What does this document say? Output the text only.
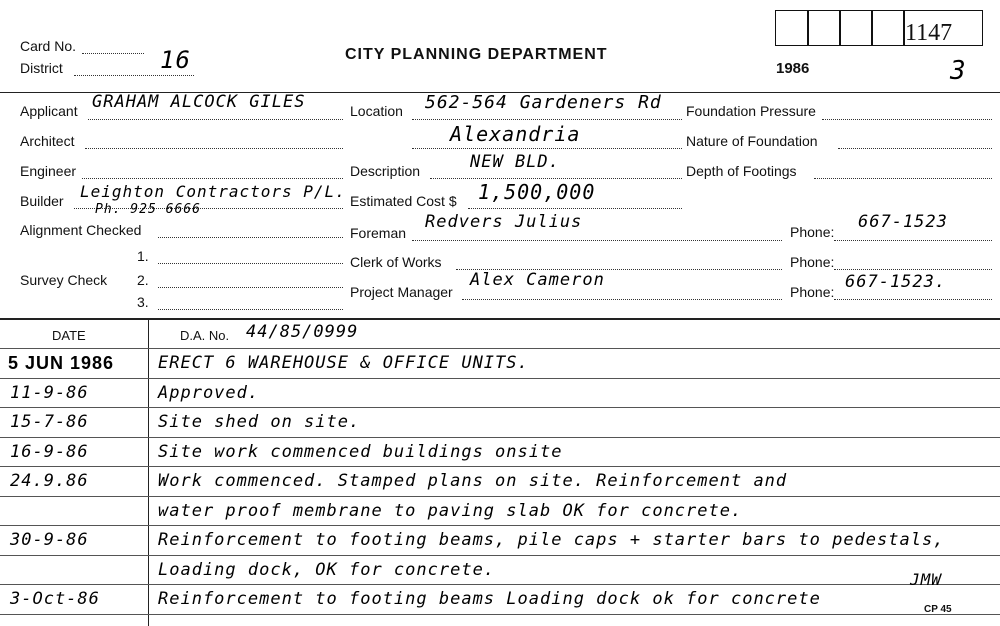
Card No.
District	16	CITY PLANNING DEPARTMENT
1986
1147
3
Applicant GRAHAM ALCOCK GILES
Architect
Engineer
Builder Leighton Contractors P/L.
Ph. 925 6666
Alignment Checked
Survey Check
1.
2.
3.
Location 562-564 Gardeners Rd
Alexandria
Description	NEW BLD.
Estimated Cost $ 1,500,000
Foreman
Redvers Julius
Clerk of Works
Project Manager
Alex Cameron
Foundation Pressure
Nature of Foundation
Depth of Footings
Phone: 667-1523
Phone:
Phone: 667-1523.
DATE	D.A. No. 44/85/0999
5 JUN 1986	ERECT 6 WAREHOUSE & OFFICE UNITS.
11-9-86	Approved.
15-7-86	Site shed on site.
16-9-86	Site work commenced buildings onsite
24.9.86	Work commenced. Stamped plans on site. Reinforcement and
water proof membrane to paving slab OK for concrete.
30-9-86	Reinforcement to footing beams, pile caps + starter bars to pedestals,
Loading dock, OK for concrete.
3-Oct-86	Reinforcement to footing beams Loading dock ok for concrete
JMW
CP 45
